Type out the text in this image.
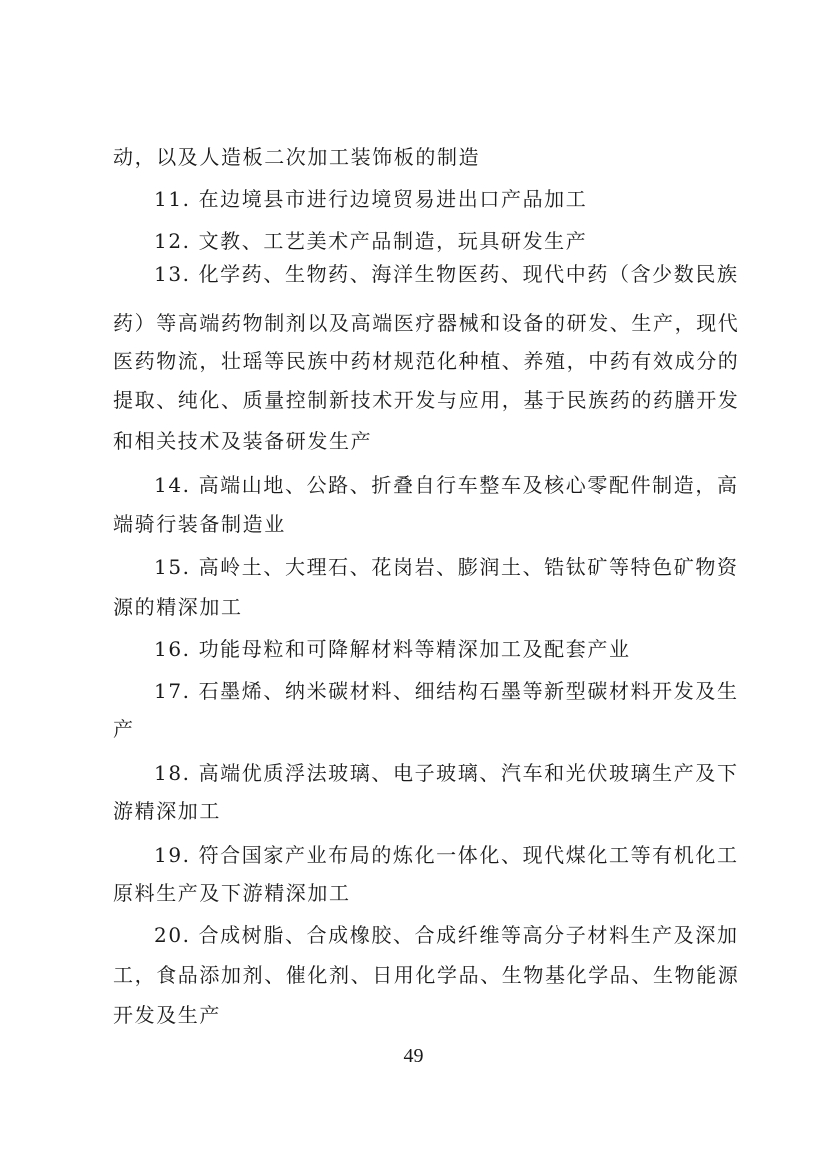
动，以及人造板二次加工装饰板的制造
11. 在边境县市进行边境贸易进出口产品加工
12. 文教、工艺美术产品制造，玩具研发生产
13. 化学药、生物药、海洋生物医药、现代中药（含少数民族
药）等高端药物制剂以及高端医疗器械和设备的研发、生产，现代
医药物流，壮瑶等民族中药材规范化种植、养殖，中药有效成分的
提取、纯化、质量控制新技术开发与应用，基于民族药的药膳开发
和相关技术及装备研发生产
14. 高端山地、公路、折叠自行车整车及核心零配件制造，高
端骑行装备制造业
15. 高岭土、大理石、花岗岩、膨润土、锆钛矿等特色矿物资
源的精深加工
16. 功能母粒和可降解材料等精深加工及配套产业
17. 石墨烯、纳米碳材料、细结构石墨等新型碳材料开发及生
产
18. 高端优质浮法玻璃、电子玻璃、汽车和光伏玻璃生产及下
游精深加工
19. 符合国家产业布局的炼化一体化、现代煤化工等有机化工
原料生产及下游精深加工
20. 合成树脂、合成橡胶、合成纤维等高分子材料生产及深加
工，食品添加剂、催化剂、日用化学品、生物基化学品、生物能源
开发及生产
49
